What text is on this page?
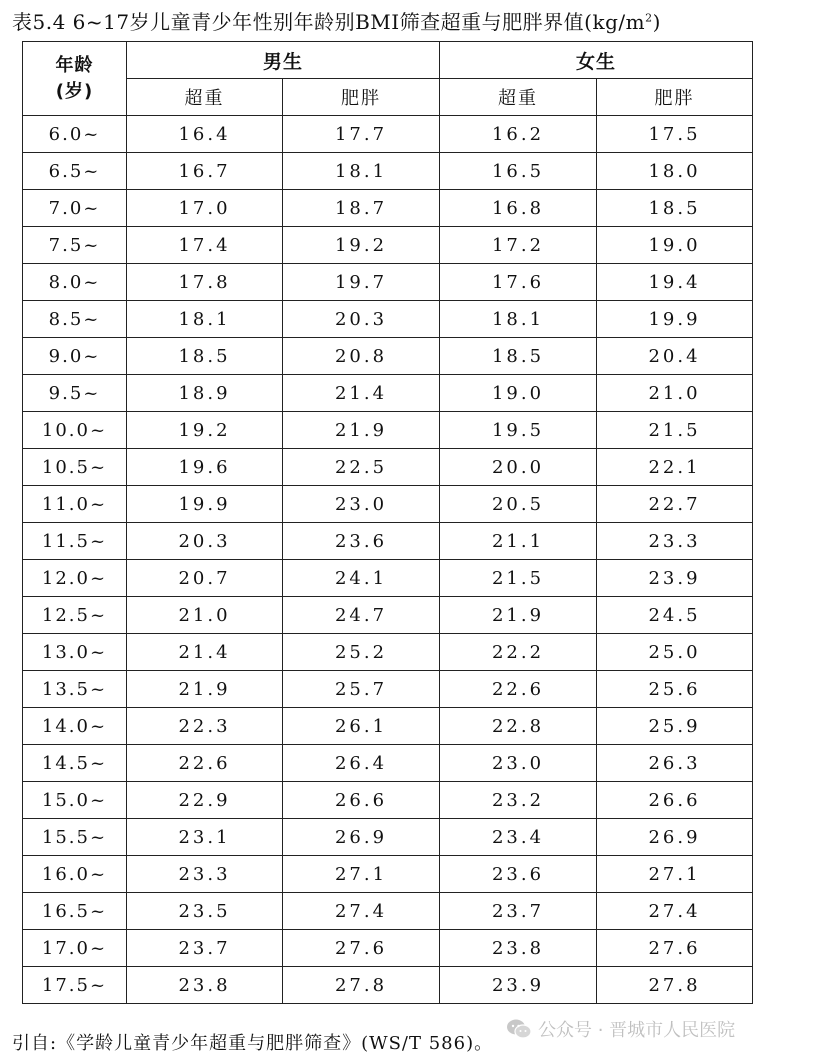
表5.4 6~17岁儿童青少年性别年龄别BMI筛查超重与肥胖界值$(kg/m^2)$
年龄
(岁)	男生		女生	
	超重	肥胖	超重	肥胖
6.0~	16.4	17.7	16.2	17.5
6.5~	16.7	18.1	16.5	18.0
7.0~	17.0	18.7	16.8	18.5
7.5~	17.4	19.2	17.2	19.0
8.0~	17.8	19.7	17.6	19.4
8.5~	18.1	20.3	18.1	19.9
9.0~	18.5	20.8	18.5	20.4
9.5~	18.9	21.4	19.0	21.0
10.0~	19.2	21.9	19.5	21.5
10.5~	19.6	22.5	20.0	22.1
11.0~	19.9	23.0	20.5	22.7
11.5~	20.3	23.6	21.1	23.3
12.0~	20.7	24.1	21.5	23.9
12.5~	21.0	24.7	21.9	24.5
13.0~	21.4	25.2	22.2	25.0
13.5~	21.9	25.7	22.6	25.6
14.0~	22.3	26.1	22.8	25.9
14.5~	22.6	26.4	23.0	26.3
15.0~	22.9	26.6	23.2	26.6
15.5~	23.1	26.9	23.4	26.9
16.0~	23.3	27.1	23.6	27.1
16.5~	23.5	27.4	23.7	27.4
17.0~	23.7	27.6	23.8	27.6
17.5~	23.8	27.8	23.9	27.8
引自:《学龄儿童青少年超重与肥胖筛查》(WS/T 586)。
公众号 · 晋城市人民医院
